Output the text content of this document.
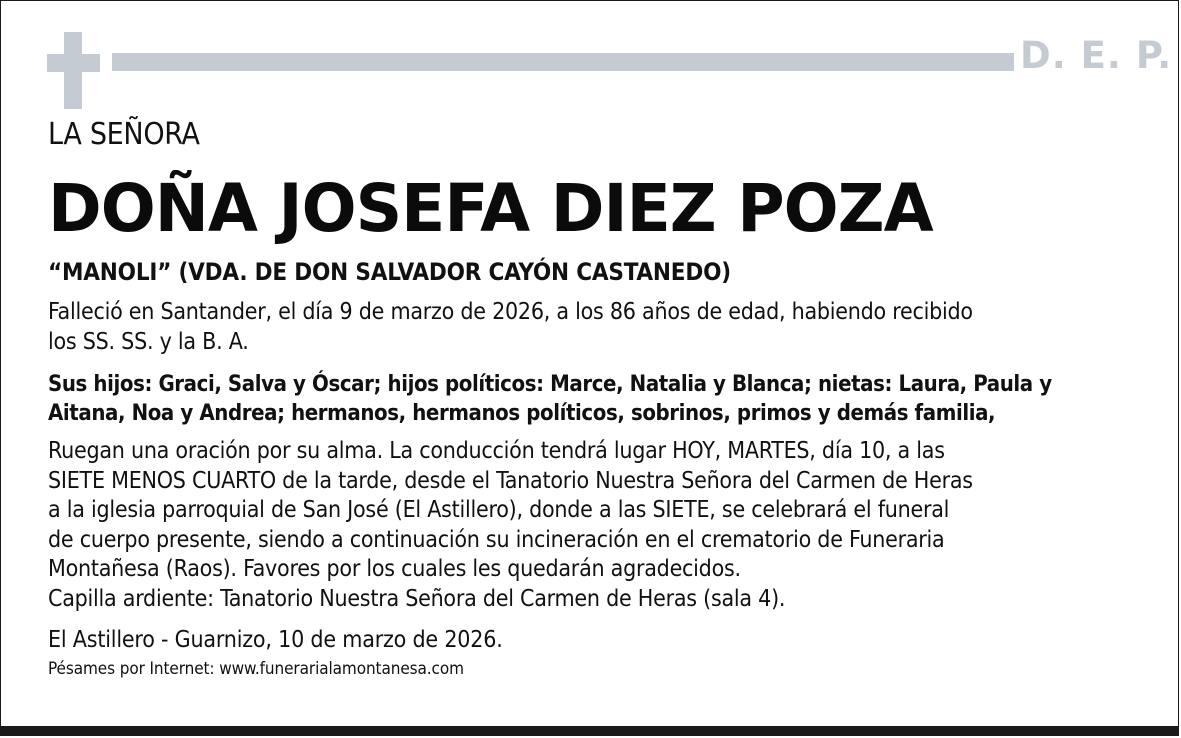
D. E. P.
LA SEÑORA
DOÑA JOSEFA DIEZ POZA
“MANOLI” (VDA. DE DON SALVADOR CAYÓN CASTANEDO)
Falleció en Santander, el día 9 de marzo de 2026, a los 86 años de edad, habiendo recibido
los SS. SS. y la B. A.
Sus hijos: Graci, Salva y Óscar; hijos políticos: Marce, Natalia y Blanca; nietas: Laura, Paula y
Aitana, Noa y Andrea; hermanos, hermanos políticos, sobrinos, primos y demás familia,
Ruegan una oración por su alma. La conducción tendrá lugar HOY, MARTES, día 10, a las
SIETE MENOS CUARTO de la tarde, desde el Tanatorio Nuestra Señora del Carmen de Heras
a la iglesia parroquial de San José (El Astillero), donde a las SIETE, se celebrará el funeral
de cuerpo presente, siendo a continuación su incineración en el crematorio de Funeraria
Montañesa (Raos). Favores por los cuales les quedarán agradecidos.
Capilla ardiente: Tanatorio Nuestra Señora del Carmen de Heras (sala 4).
El Astillero - Guarnizo, 10 de marzo de 2026.
Pésames por Internet: www.funerarialamontanesa.com
